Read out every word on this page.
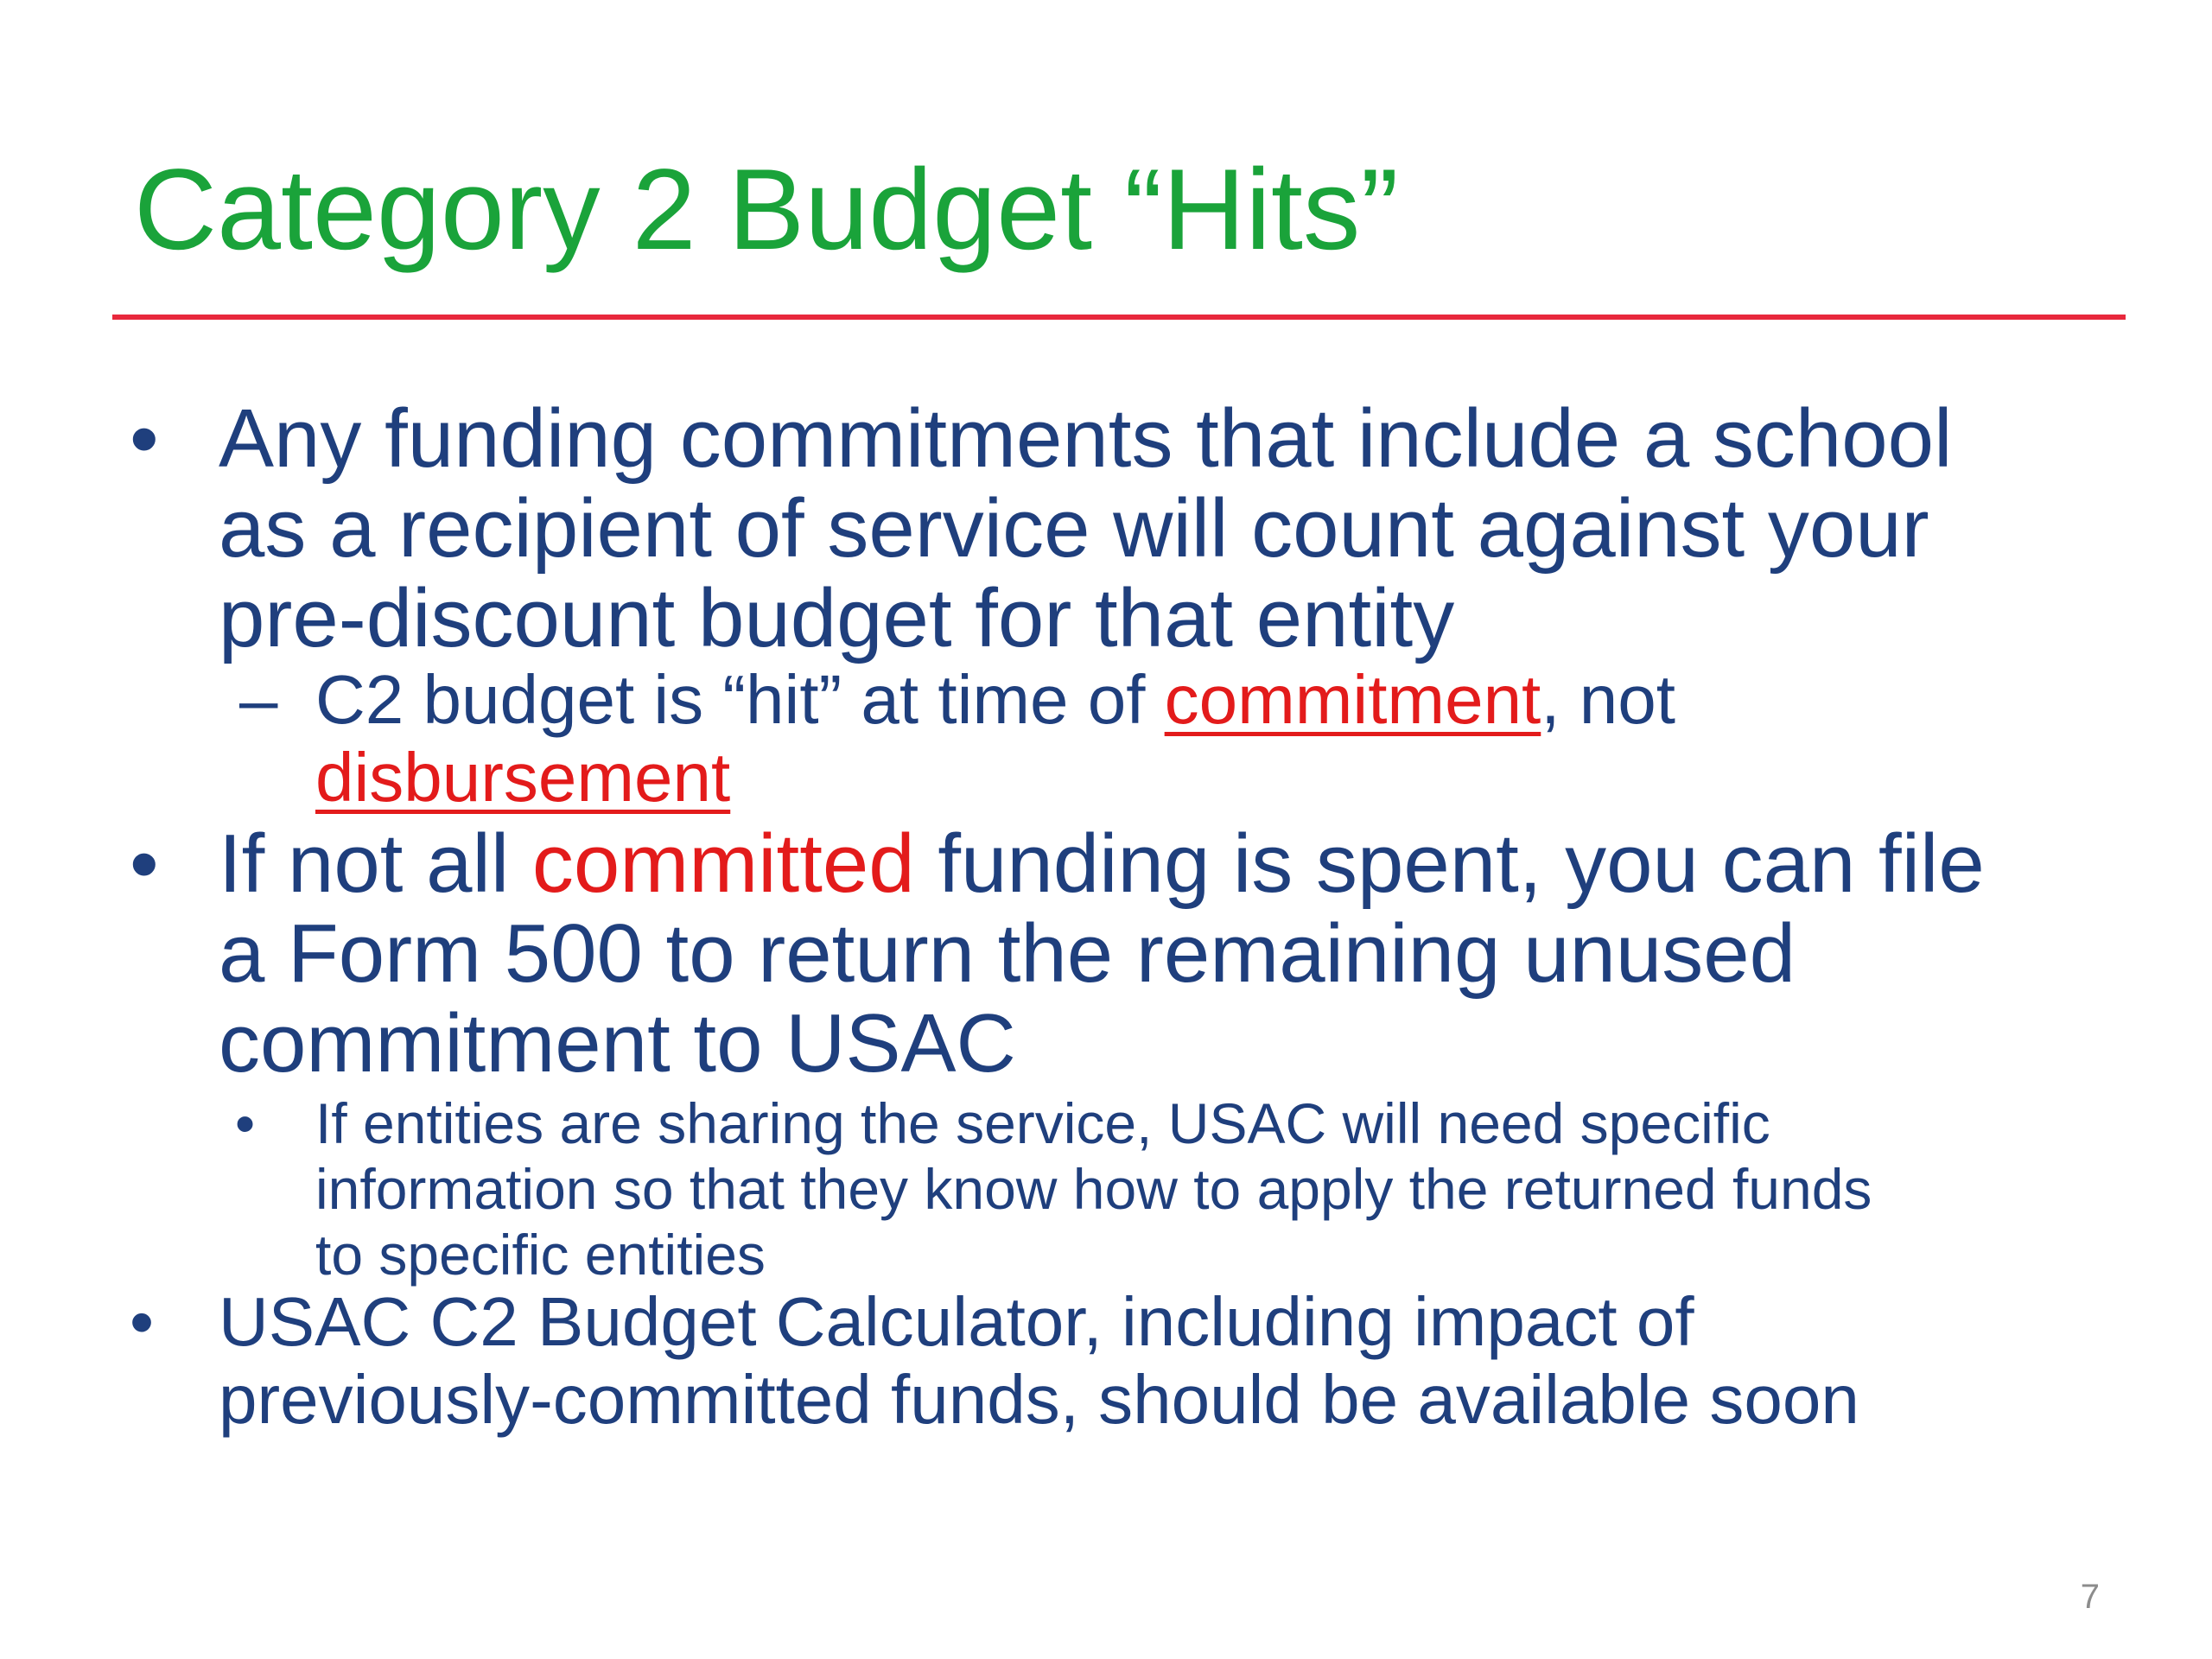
Category 2 Budget “Hits”
• Any funding commitments that include a school
as a recipient of service will count against your
pre-discount budget for that entity
– C2 budget is “hit” at time of commitment, not
disbursement
• If not all committed funding is spent, you can file
a Form 500 to return the remaining unused
commitment to USAC
• If entities are sharing the service, USAC will need specific
information so that they know how to apply the returned funds
to specific entities
• USAC C2 Budget Calculator, including impact of
previously-committed funds, should be available soon
7
